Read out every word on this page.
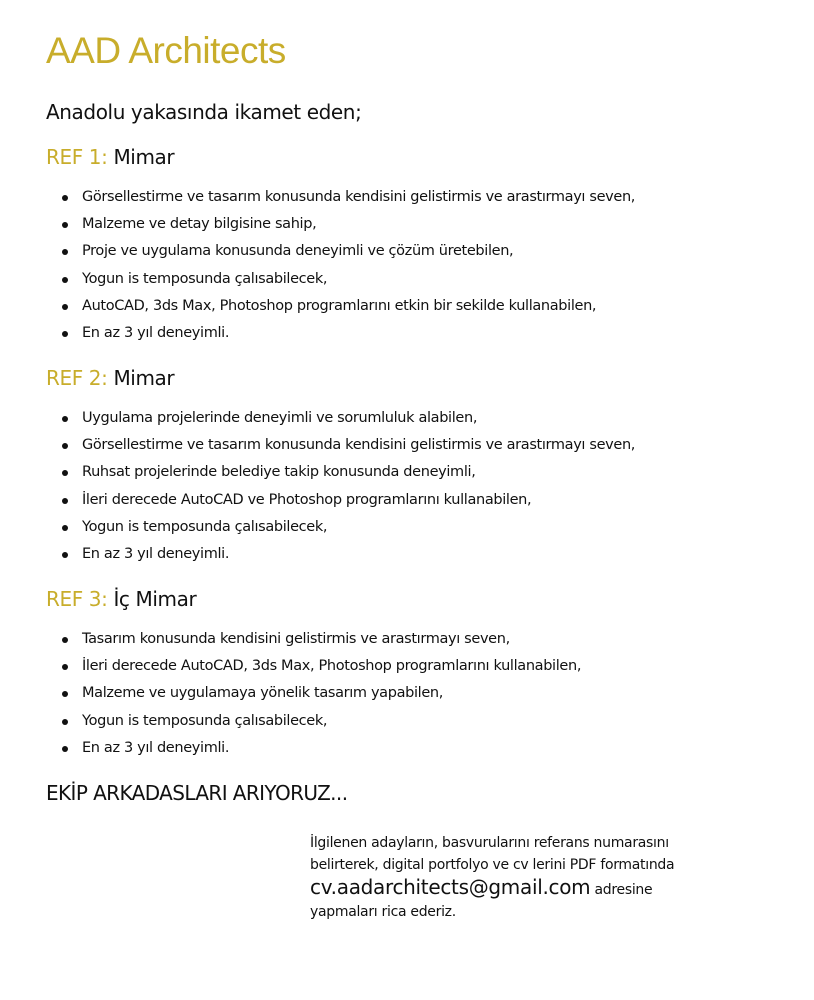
AAD Architects
Anadolu yakasında ikamet eden;
REF 1: Mimar
Görsellestirme ve tasarım konusunda kendisini gelistirmis ve arastırmayı seven,
Malzeme ve detay bilgisine sahip,
Proje ve uygulama konusunda deneyimli ve çözüm üretebilen,
Yogun is temposunda çalısabilecek,
AutoCAD, 3ds Max, Photoshop programlarını etkin bir sekilde kullanabilen,
En az 3 yıl deneyimli.
REF 2: Mimar
Uygulama projelerinde deneyimli ve sorumluluk alabilen,
Görsellestirme ve tasarım konusunda kendisini gelistirmis ve arastırmayı seven,
Ruhsat projelerinde belediye takip konusunda deneyimli,
İleri derecede AutoCAD ve Photoshop programlarını kullanabilen,
Yogun is temposunda çalısabilecek,
En az 3 yıl deneyimli.
REF 3: İç Mimar
Tasarım konusunda kendisini gelistirmis ve arastırmayı seven,
İleri derecede AutoCAD, 3ds Max, Photoshop programlarını kullanabilen,
Malzeme ve uygulamaya yönelik tasarım yapabilen,
Yogun is temposunda çalısabilecek,
En az 3 yıl deneyimli.
EKİP ARKADASLARI ARIYORUZ...
İlgilenen adayların, basvurularını referans numarasını
belirterek, digital portfolyo ve cv lerini PDF formatında
cv.aadarchitects@gmail.com adresine
yapmaları rica ederiz.
